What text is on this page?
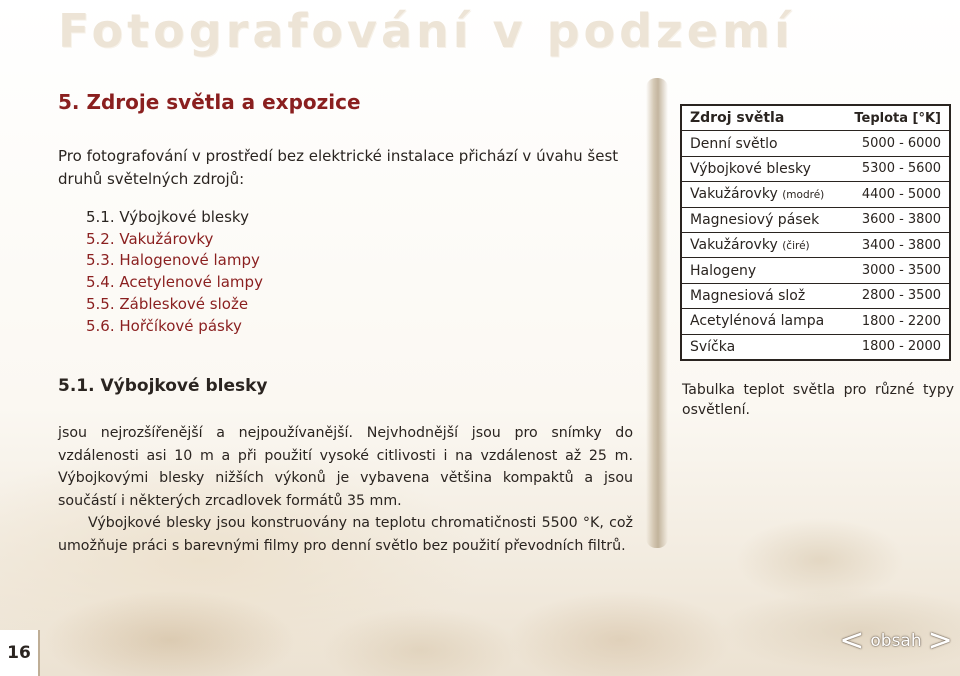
Fotografování v podzemí
5. Zdroje světla a expozice

Pro fotografování v prostředí bez elektrické instalace přichází v úvahu šest druhů světelných zdrojů:

5.1. Výbojkové blesky
5.2. Vakužárovky
5.3. Halogenové lampy
5.4. Acetylenové lampy
5.5. Zábleskové slože
5.6. Hořčíkové pásky
5.1. Výbojkové blesky

jsou nejrozšířenější a nejpoužívanější. Nejvhodnější jsou pro snímky do vzdálenosti asi 10 m a při použití vysoké citlivosti i na vzdálenost až 25 m. Výbojkovými blesky nižších výkonů je vybavena většina kompaktů a jsou součástí i některých zrcadlovek formátů 35 mm.

Výbojkové blesky jsou konstruovány na teplotu chromatičnosti 5500 °K, což umožňuje práci s barevnými filmy pro denní světlo bez použití převodních filtrů.

Zdroj světla	Teplota [°K]
Denní světlo	5000 - 6000
Výbojkové blesky	5300 - 5600
Vakužárovky (modré)	4400 - 5000
Magnesiový pásek	3600 - 3800
Vakužárovky (čiré)	3400 - 3800
Halogeny	3000 - 3500
Magnesiová slož	2800 - 3500
Acetylénová lampa	1800 - 2200
Svíčka	1800 - 2000

Tabulka teplot světla pro různé typy osvětlení.

16	< obsah >
